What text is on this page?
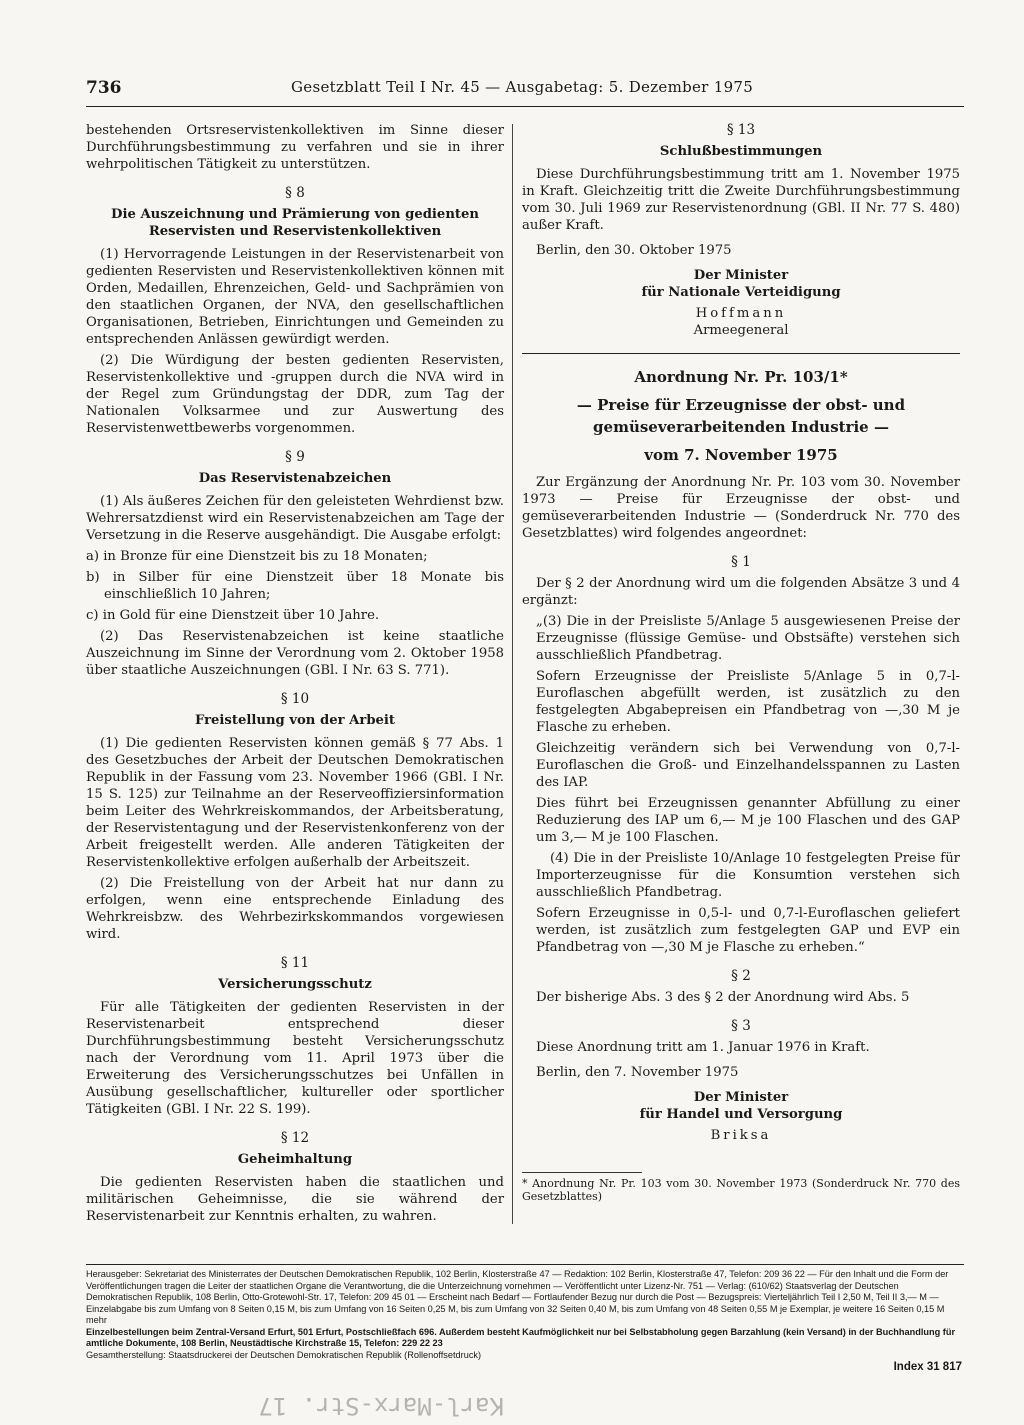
736	Gesetzblatt Teil I Nr. 45 — Ausgabetag: 5. Dezember 1975

bestehenden Ortsreservistenkollektiven im Sinne dieser Durchführungsbestimmung zu verfahren und sie in ihrer wehrpolitischen Tätigkeit zu unterstützen.

§ 8
Die Auszeichnung und Prämierung von gedienten Reservisten und Reservistenkollektiven

(1) Hervorragende Leistungen in der Reservistenarbeit von gedienten Reservisten und Reservistenkollektiven können mit Orden, Medaillen, Ehrenzeichen, Geld- und Sachprämien von den staatlichen Organen, der NVA, den gesellschaftlichen Organisationen, Betrieben, Einrichtungen und Gemeinden zu entsprechenden Anlässen gewürdigt werden.

(2) Die Würdigung der besten gedienten Reservisten, Reservistenkollektive und -gruppen durch die NVA wird in der Regel zum Gründungstag der DDR, zum Tag der Nationalen Volksarmee und zur Auswertung des Reservistenwettbewerbs vorgenommen.

§ 9
Das Reservistenabzeichen

(1) Als äußeres Zeichen für den geleisteten Wehrdienst bzw. Wehrersatzdienst wird ein Reservistenabzeichen am Tage der Versetzung in die Reserve ausgehändigt. Die Ausgabe erfolgt:

a) in Bronze für eine Dienstzeit bis zu 18 Monaten;

b) in Silber für eine Dienstzeit über 18 Monate bis einschließlich 10 Jahren;

c) in Gold für eine Dienstzeit über 10 Jahre.

(2) Das Reservistenabzeichen ist keine staatliche Auszeichnung im Sinne der Verordnung vom 2. Oktober 1958 über staatliche Auszeichnungen (GBl. I Nr. 63 S. 771).

§ 10
Freistellung von der Arbeit

(1) Die gedienten Reservisten können gemäß § 77 Abs. 1 des Gesetzbuches der Arbeit der Deutschen Demokratischen Republik in der Fassung vom 23. November 1966 (GBl. I Nr. 15 S. 125) zur Teilnahme an der Reserveoffiziersinformation beim Leiter des Wehrkreiskommandos, der Arbeitsberatung, der Reservistentagung und der Reservistenkonferenz von der Arbeit freigestellt werden. Alle anderen Tätigkeiten der Reservistenkollektive erfolgen außerhalb der Arbeitszeit.

(2) Die Freistellung von der Arbeit hat nur dann zu erfolgen, wenn eine entsprechende Einladung des Wehrkreisbzw. des Wehrbezirkskommandos vorgewiesen wird.

§ 11
Versicherungsschutz

Für alle Tätigkeiten der gedienten Reservisten in der Reservistenarbeit entsprechend dieser Durchführungsbestimmung besteht Versicherungsschutz nach der Verordnung vom 11. April 1973 über die Erweiterung des Versicherungsschutzes bei Unfällen in Ausübung gesellschaftlicher, kultureller oder sportlicher Tätigkeiten (GBl. I Nr. 22 S. 199).

§ 12
Geheimhaltung

Die gedienten Reservisten haben die staatlichen und militärischen Geheimnisse, die sie während der Reservistenarbeit zur Kenntnis erhalten, zu wahren.

§ 13
Schlußbestimmungen

Diese Durchführungsbestimmung tritt am 1. November 1975 in Kraft. Gleichzeitig tritt die Zweite Durchführungsbestimmung vom 30. Juli 1969 zur Reservistenordnung (GBl. II Nr. 77 S. 480) außer Kraft.

Berlin, den 30. Oktober 1975

Der Minister
für Nationale Verteidigung
Hoffmann
Armeegeneral
Anordnung Nr. Pr. 103/1*
— Preise für Erzeugnisse der obst- und gemüseverarbeitenden Industrie —
vom 7. November 1975

Zur Ergänzung der Anordnung Nr. Pr. 103 vom 30. November 1973 — Preise für Erzeugnisse der obst- und gemüseverarbeitenden Industrie — (Sonderdruck Nr. 770 des Gesetzblattes) wird folgendes angeordnet:

§ 1

Der § 2 der Anordnung wird um die folgenden Absätze 3 und 4 ergänzt:

„(3) Die in der Preisliste 5/Anlage 5 ausgewiesenen Preise der Erzeugnisse (flüssige Gemüse- und Obstsäfte) verstehen sich ausschließlich Pfandbetrag.

Sofern Erzeugnisse der Preisliste 5/Anlage 5 in 0,7-l-Euroflaschen abgefüllt werden, ist zusätzlich zu den festgelegten Abgabepreisen ein Pfandbetrag von —,30 M je Flasche zu erheben.

Gleichzeitig verändern sich bei Verwendung von 0,7-l-Euroflaschen die Groß- und Einzelhandelsspannen zu Lasten des IAP.

Dies führt bei Erzeugnissen genannter Abfüllung zu einer Reduzierung des IAP um 6,— M je 100 Flaschen und des GAP um 3,— M je 100 Flaschen.

(4) Die in der Preisliste 10/Anlage 10 festgelegten Preise für Importerzeugnisse für die Konsumtion verstehen sich ausschließlich Pfandbetrag.

Sofern Erzeugnisse in 0,5-l- und 0,7-l-Euroflaschen geliefert werden, ist zusätzlich zum festgelegten GAP und EVP ein Pfandbetrag von —,30 M je Flasche zu erheben.“

§ 2

Der bisherige Abs. 3 des § 2 der Anordnung wird Abs. 5

§ 3

Diese Anordnung tritt am 1. Januar 1976 in Kraft.

Berlin, den 7. November 1975

Der Minister
für Handel und Versorgung
Briksa

* Anordnung Nr. Pr. 103 vom 30. November 1973 (Sonderdruck Nr. 770 des Gesetzblattes)

Herausgeber: Sekretariat des Ministerrates der Deutschen Demokratischen Republik, 102 Berlin, Klosterstraße 47 — Redaktion: 102 Berlin, Klosterstraße 47, Telefon: 209 36 22 — Für den Inhalt und die Form der Veröffentlichungen tragen die Leiter der staatlichen Organe die Verantwortung, die die Unterzeichnung vornehmen — Veröffentlicht unter Lizenz-Nr. 751 — Verlag: (610/62) Staatsverlag der Deutschen Demokratischen Republik, 108 Berlin, Otto-Grotewohl-Str. 17, Telefon: 209 45 01 — Erscheint nach Bedarf — Fortlaufender Bezug nur durch die Post — Bezugspreis: Vierteljährlich Teil I 2,50 M, Teil II 3,— M — Einzelabgabe bis zum Umfang von 8 Seiten 0,15 M, bis zum Umfang von 16 Seiten 0,25 M, bis zum Umfang von 32 Seiten 0,40 M, bis zum Umfang von 48 Seiten 0,55 M je Exemplar, je weitere 16 Seiten 0,15 M mehr

Einzelbestellungen beim Zentral-Versand Erfurt, 501 Erfurt, Postschließfach 696. Außerdem besteht Kaufmöglichkeit nur bei Selbstabholung gegen Barzahlung (kein Versand) in der Buchhandlung für amtliche Dokumente, 108 Berlin, Neustädtische Kirchstraße 15, Telefon: 229 22 23

Gesamtherstellung: Staatsdruckerei der Deutschen Demokratischen Republik (Rollenoffsetdruck)

Index 31 817
Karl-Marx-Str. 17
